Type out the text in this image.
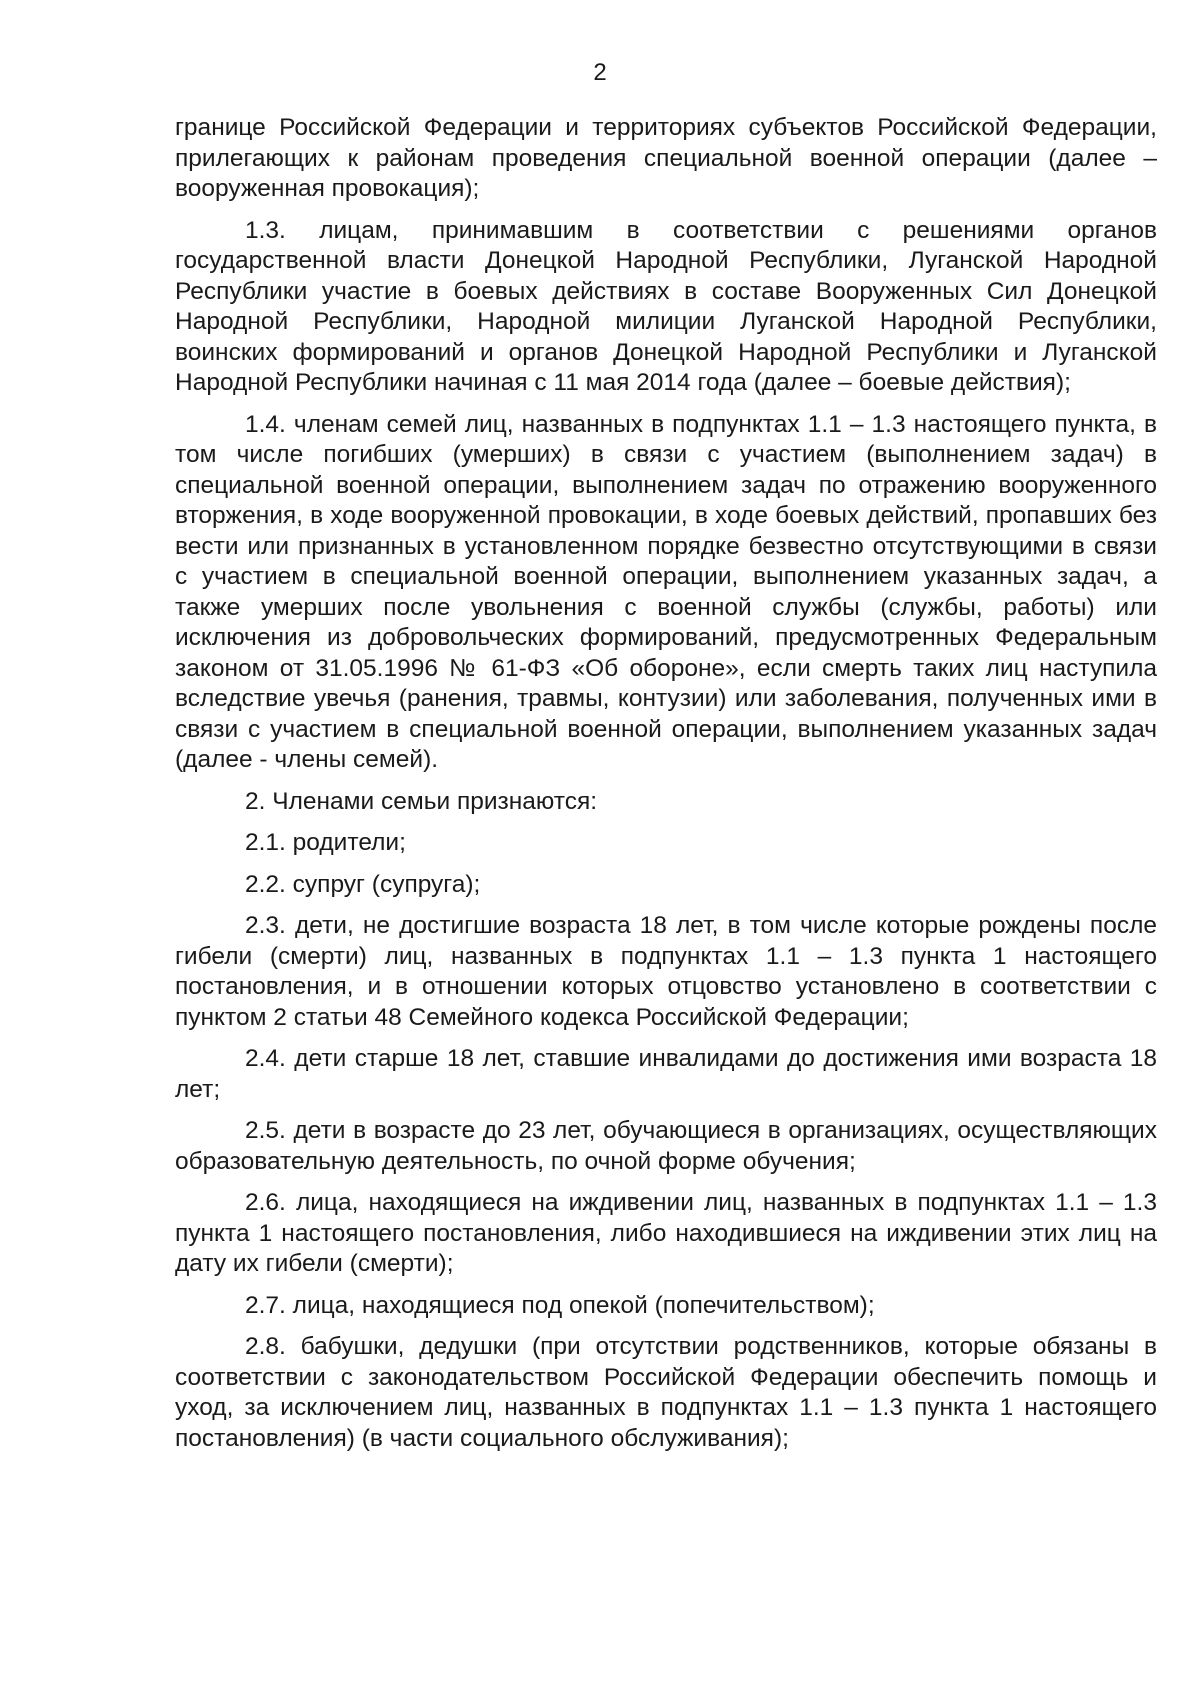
2

границе Российской Федерации и территориях субъектов Российской Федерации, прилегающих к районам проведения специальной военной операции (далее – вооруженная провокация);

1.3. лицам, принимавшим в соответствии с решениями органов государственной власти Донецкой Народной Республики, Луганской Народной Республики участие в боевых действиях в составе Вооруженных Сил Донецкой Народной Республики, Народной милиции Луганской Народной Республики, воинских формирований и органов Донецкой Народной Республики и Луганской Народной Республики начиная с 11 мая 2014 года (далее – боевые действия);

1.4. членам семей лиц, названных в подпунктах 1.1 – 1.3 настоящего пункта, в том числе погибших (умерших) в связи с участием (выполнением задач) в специальной военной операции, выполнением задач по отражению вооруженного вторжения, в ходе вооруженной провокации, в ходе боевых действий, пропавших без вести или признанных в установленном порядке безвестно отсутствующими в связи с участием в специальной военной операции, выполнением указанных задач, а также умерших после увольнения с военной службы (службы, работы) или исключения из добровольческих формирований, предусмотренных Федеральным законом от 31.05.1996 № 61-ФЗ «Об обороне», если смерть таких лиц наступила вследствие увечья (ранения, травмы, контузии) или заболевания, полученных ими в связи с участием в специальной военной операции, выполнением указанных задач (далее - члены семей).

2. Членами семьи признаются:

2.1. родители;

2.2. супруг (супруга);

2.3. дети, не достигшие возраста 18 лет, в том числе которые рождены после гибели (смерти) лиц, названных в подпунктах 1.1 – 1.3 пункта 1 настоящего постановления, и в отношении которых отцовство установлено в соответствии с пунктом 2 статьи 48 Семейного кодекса Российской Федерации;

2.4. дети старше 18 лет, ставшие инвалидами до достижения ими возраста 18 лет;

2.5. дети в возрасте до 23 лет, обучающиеся в организациях, осуществляющих образовательную деятельность, по очной форме обучения;

2.6. лица, находящиеся на иждивении лиц, названных в подпунктах 1.1 – 1.3 пункта 1 настоящего постановления, либо находившиеся на иждивении этих лиц на дату их гибели (смерти);

2.7. лица, находящиеся под опекой (попечительством);

2.8. бабушки, дедушки (при отсутствии родственников, которые обязаны в соответствии с законодательством Российской Федерации обеспечить помощь и уход, за исключением лиц, названных в подпунктах 1.1 – 1.3 пункта 1 настоящего постановления) (в части социального обслуживания);
